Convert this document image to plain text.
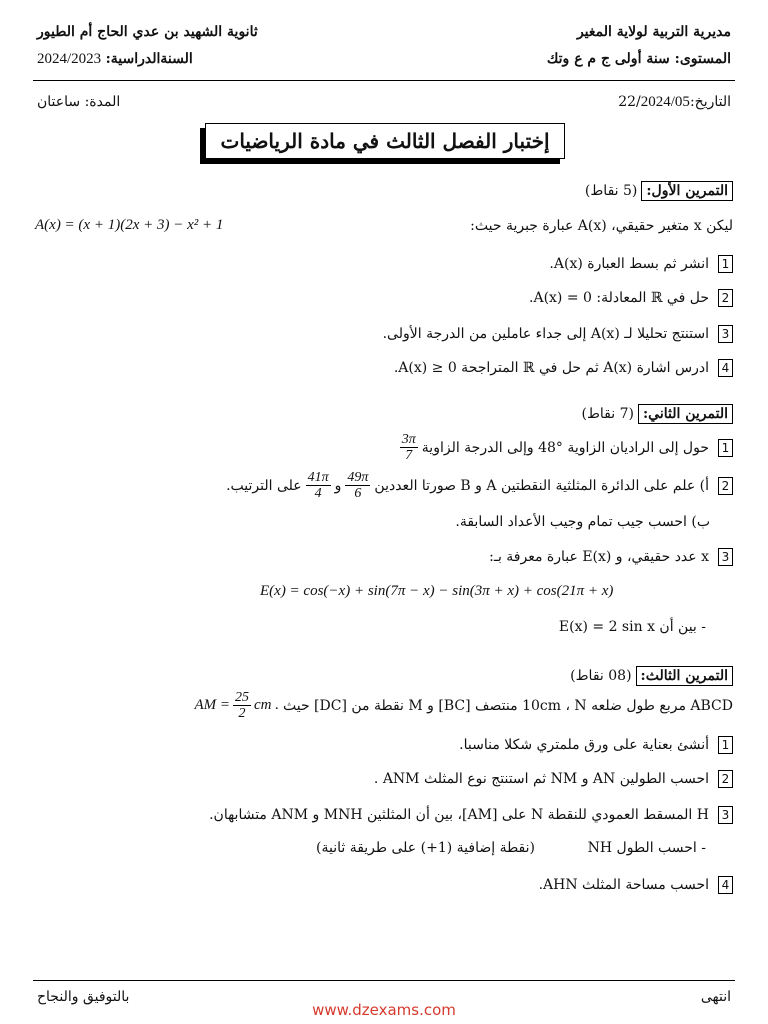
مديرية التربية لولاية المغير
ثانوية الشهيد بن عدي الحاج أم الطيور
المستوى: سنة أولى ج م ع وتك
السنةالدراسية: 2024/2023
التاريخ:22/2024/05
المدة: ساعتان
إختبار الفصل الثالث في مادة الرياضيات
التمرين الأول:
(5 نقاط)
ليكن x متغير حقيقي، A(x) عبارة جبرية حيث:
A(x) = (x + 1)(2x + 3) − x² + 1
1
انشر ثم بسط العبارة A(x).
2
حل في ℝ المعادلة: A(x) = 0.
3
استنتج تحليلا لـ A(x) إلى جداء عاملين من الدرجة الأولى.
4
ادرس اشارة A(x) ثم حل في ℝ المتراجحة A(x) ≥ 0.
التمرين الثاني:
(7 نقاط)
1
حول إلى الراديان الزاوية °48 وإلى الدرجة الزاوية
$\frac{3\pi}{7}$
2
أ) علم على الدائرة المثلثية النقطتين A و B صورتا العددين
$\frac{49\pi}{6}$
و
$\frac{41\pi}{4}$
على الترتيب.
ب) احسب جيب تمام وجيب الأعداد السابقة.
3
x عدد حقيقي، و E(x) عبارة معرفة بـ:
E(x) = cos(−x) + sin(7π − x) − sin(3π + x) + cos(21π + x)
- بين أن E(x) = 2 sin x
التمرين الثالث:
(08 نقاط)
ABCD مربع طول ضلعه 10cm ، N منتصف [BC] و M نقطة من [DC] حيث
AM = $\frac{25}{2}$ cm .
1
أنشئ بعناية على ورق ملمتري شكلا مناسبا.
2
احسب الطولين AN و NM ثم استنتج نوع المثلث ANM .
3
H المسقط العمودي للنقطة N على [AM]، بين أن المثلثين MNH و ANM متشابهان.
- احسب الطول NH
(نقطة إضافية (1+) على طريقة ثانية)
4
احسب مساحة المثلث AHN.
انتهى
بالتوفيق والنجاح
www.dzexams.com
